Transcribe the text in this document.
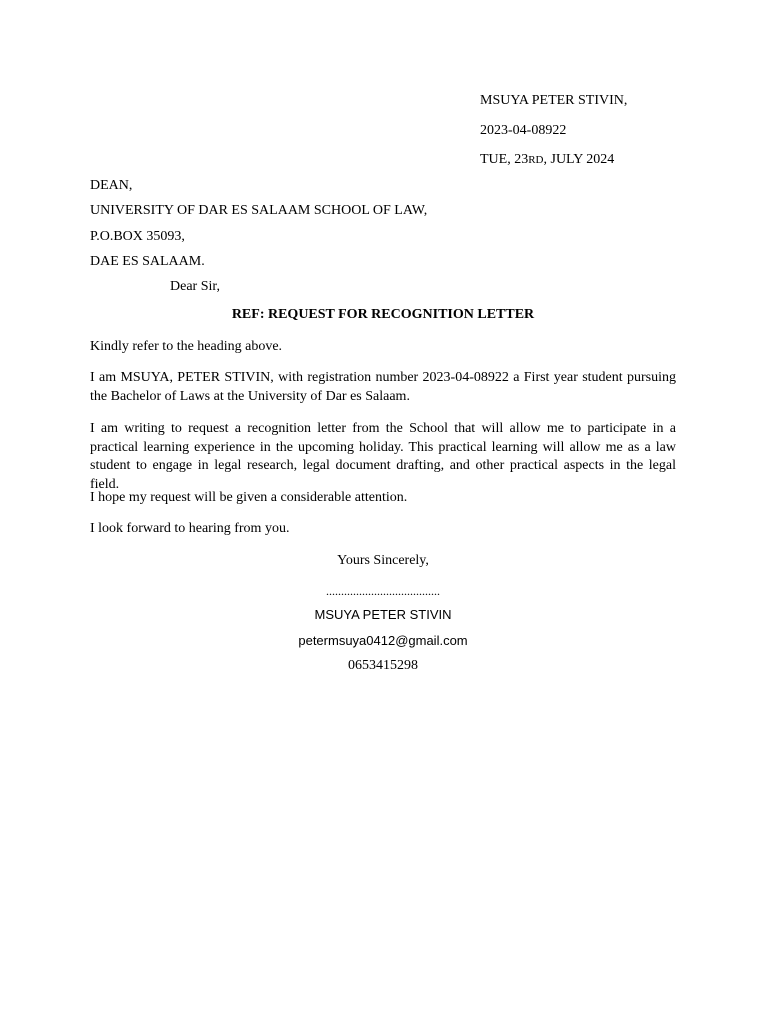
MSUYA PETER STIVIN,
2023-04-08922
TUE, 23RD, JULY 2024
DEAN,
UNIVERSITY OF DAR ES SALAAM SCHOOL OF LAW,
P.O.BOX 35093,
DAE ES SALAAM.
Dear Sir,
REF: REQUEST FOR RECOGNITION LETTER
Kindly refer to the heading above.
I am MSUYA, PETER STIVIN, with registration number 2023-04-08922 a First year student pursuing the Bachelor of Laws at the University of Dar es Salaam.
I am writing to request a recognition letter from the School that will allow me to participate in a practical learning experience in the upcoming holiday. This practical learning will allow me as a law student to engage in legal research, legal document drafting, and other practical aspects in the legal field.
I hope my request will be given a considerable attention.
I look forward to hearing from you.
Yours Sincerely,
......................................
MSUYA PETER STIVIN
petermsuya0412@gmail.com
0653415298
